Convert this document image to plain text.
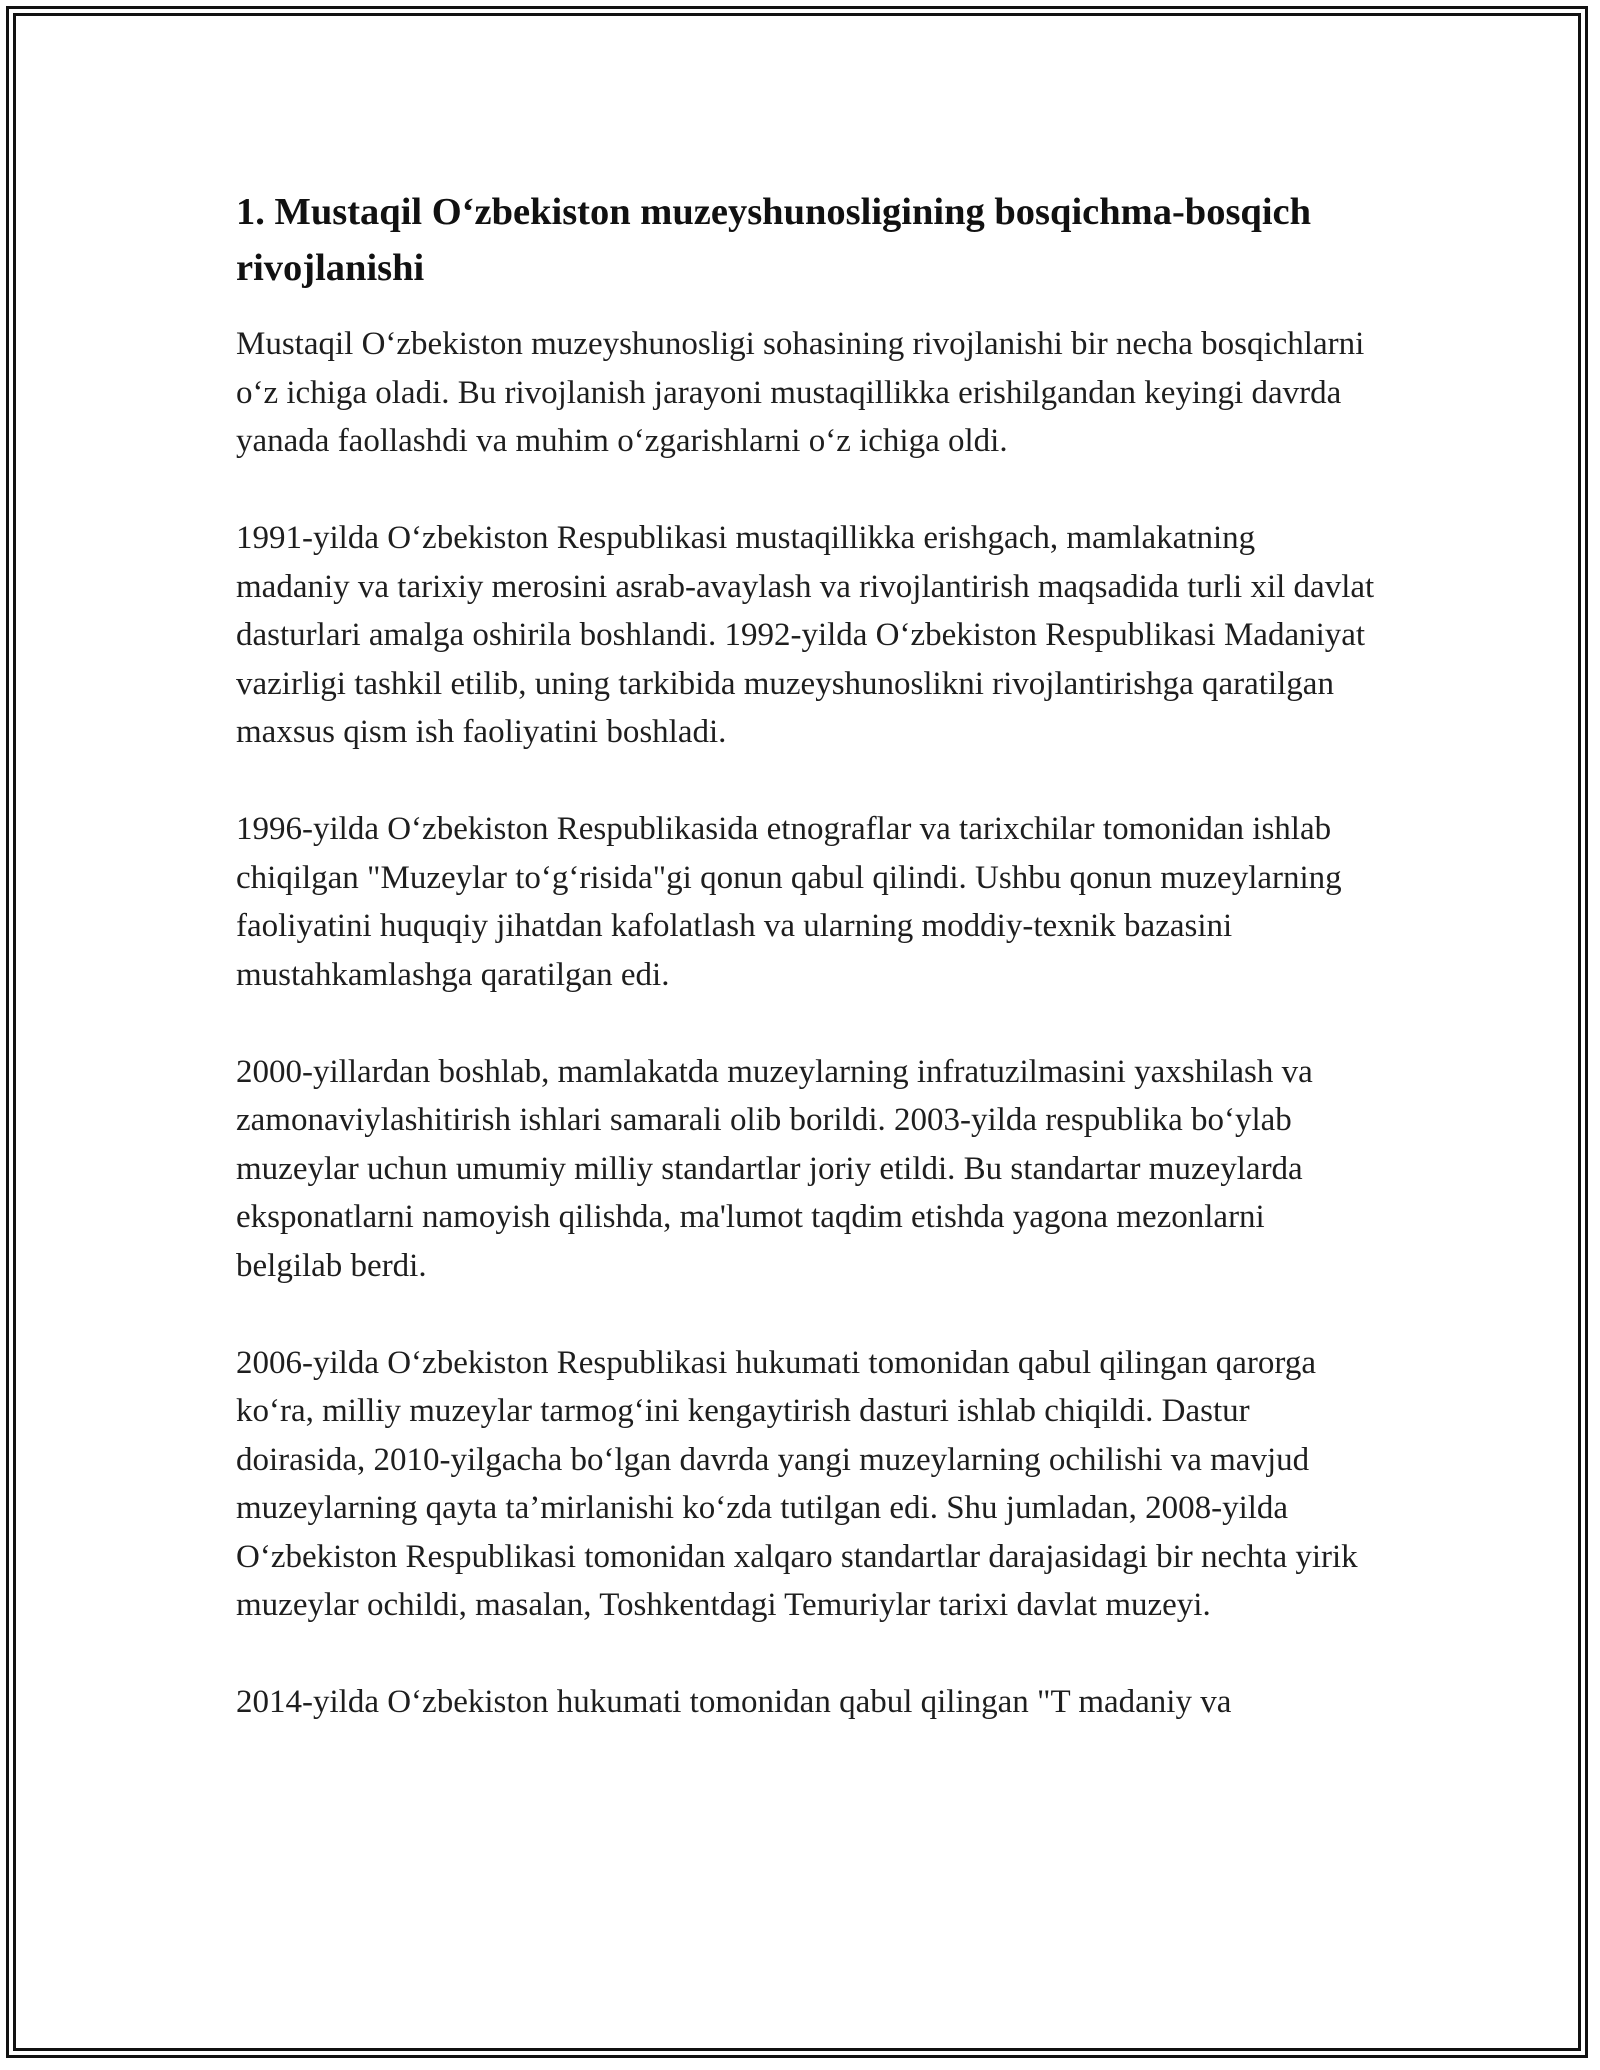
1. Mustaqil O‘zbekiston muzeyshunosligining bosqichma-bosqich rivojlanishi

Mustaqil O‘zbekiston muzeyshunosligi sohasining rivojlanishi bir necha bosqichlarni o‘z ichiga oladi. Bu rivojlanish jarayoni mustaqillikka erishilgandan keyingi davrda yanada faollashdi va muhim o‘zgarishlarni o‘z ichiga oldi.

1991-yilda O‘zbekiston Respublikasi mustaqillikka erishgach, mamlakatning madaniy va tarixiy merosini asrab-avaylash va rivojlantirish maqsadida turli xil davlat dasturlari amalga oshirila boshlandi. 1992-yilda O‘zbekiston Respublikasi Madaniyat vazirligi tashkil etilib, uning tarkibida muzeyshunoslikni rivojlantirishga qaratilgan maxsus qism ish faoliyatini boshladi.

1996-yilda O‘zbekiston Respublikasida etnograflar va tarixchilar tomonidan ishlab chiqilgan "Muzeylar to‘g‘risida"gi qonun qabul qilindi. Ushbu qonun muzeylarning faoliyatini huquqiy jihatdan kafolatlash va ularning moddiy-texnik bazasini mustahkamlashga qaratilgan edi.

2000-yillardan boshlab, mamlakatda muzeylarning infratuzilmasini yaxshilash va zamonaviylashitirish ishlari samarali olib borildi. 2003-yilda respublika bo‘ylab muzeylar uchun umumiy milliy standartlar joriy etildi. Bu standartar muzeylarda eksponatlarni namoyish qilishda, ma'lumot taqdim etishda yagona mezonlarni belgilab berdi.

2006-yilda O‘zbekiston Respublikasi hukumati tomonidan qabul qilingan qarorga ko‘ra, milliy muzeylar tarmog‘ini kengaytirish dasturi ishlab chiqildi. Dastur doirasida, 2010-yilgacha bo‘lgan davrda yangi muzeylarning ochilishi va mavjud muzeylarning qayta ta’mirlanishi ko‘zda tutilgan edi. Shu jumladan, 2008-yilda O‘zbekiston Respublikasi tomonidan xalqaro standartlar darajasidagi bir nechta yirik muzeylar ochildi, masalan, Toshkentdagi Temuriylar tarixi davlat muzeyi.

2014-yilda O‘zbekiston hukumati tomonidan qabul qilingan "T madaniy va
